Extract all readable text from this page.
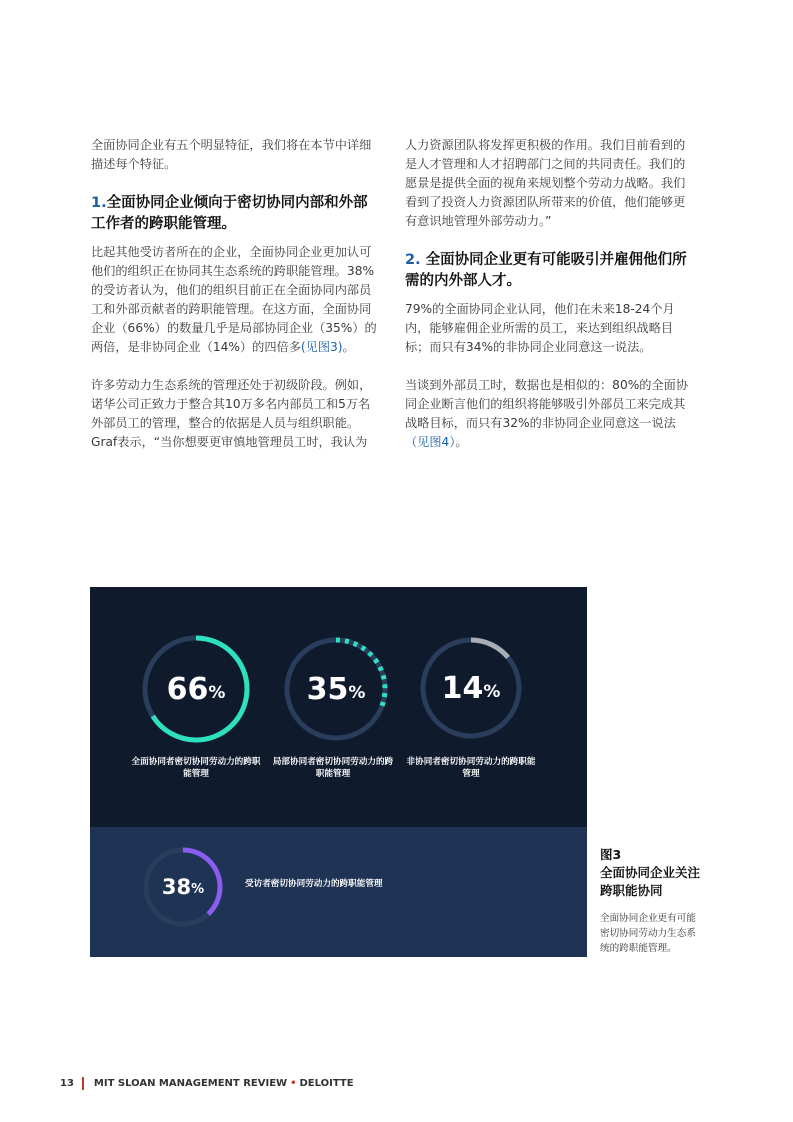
全面协同企业有五个明显特征，我们将在本节中详细描述每个特征。

1.全面协同企业倾向于密切协同内部和外部工作者的跨职能管理。

比起其他受访者所在的企业，全面协同企业更加认可他们的组织正在协同其生态系统的跨职能管理。38%的受访者认为，他们的组织目前正在全面协同内部员工和外部贡献者的跨职能管理。在这方面，全面协同企业（66%）的数量几乎是局部协同企业（35%）的两倍，是非协同企业（14%）的四倍多(见图3)。

许多劳动力生态系统的管理还处于初级阶段。例如，诺华公司正致力于整合其10万多名内部员工和5万名外部员工的管理，整合的依据是人员与组织职能。Graf表示，“当你想要更审慎地管理员工时，我认为

人力资源团队将发挥更积极的作用。我们目前看到的是人才管理和人才招聘部门之间的共同责任。我们的愿景是提供全面的视角来规划整个劳动力战略。我们看到了投资人力资源团队所带来的价值，他们能够更有意识地管理外部劳动力。”

2. 全面协同企业更有可能吸引并雇佣他们所需的内外部人才。

79%的全面协同企业认同，他们在未来18-24个月内，能够雇佣企业所需的员工，来达到组织战略目标；而只有34%的非协同企业同意这一说法。

当谈到外部员工时，数据也是相似的：80%的全面协同企业断言他们的组织将能够吸引外部员工来完成其战略目标，而只有32%的非协同企业同意这一说法（见图4）。

66 %
全面协同者密切协同劳动力的跨职能管理
35 %
局部协同者密切协同劳动力的跨职能管理
14 %
非协同者密切协同劳动力的跨职能管理
38 %	受访者密切协同劳动力的跨职能管理
图3
全面协同企业关注跨职能协同
全面协同企业更有可能密切协同劳动力生态系统的跨职能管理。
13 MIT SLOAN MANAGEMENT REVIEW • DELOITTE
